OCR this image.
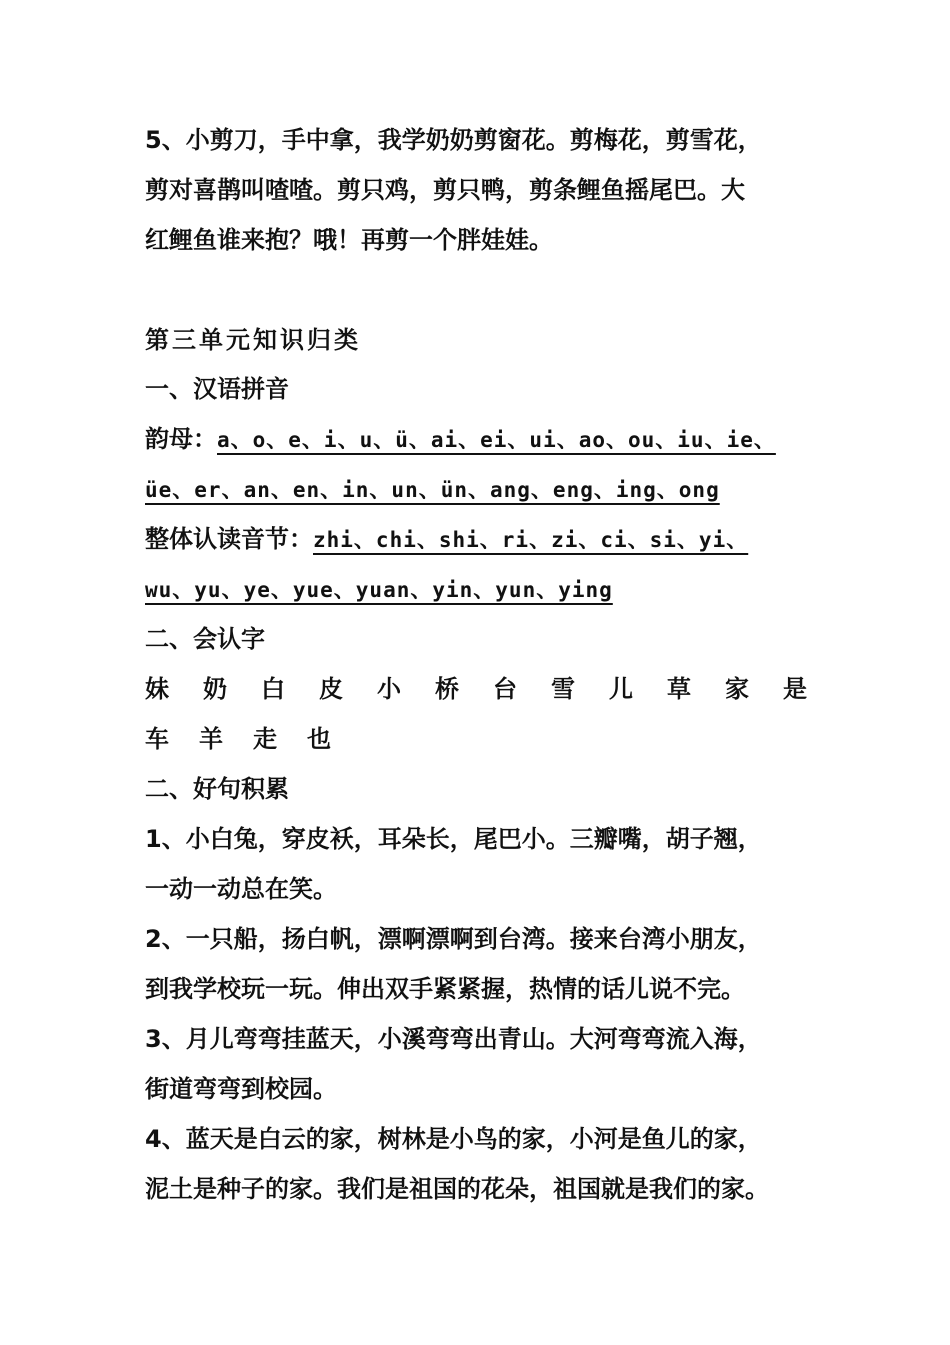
5、小剪刀，手中拿，我学奶奶剪窗花。剪梅花，剪雪花，
剪对喜鹊叫喳喳。剪只鸡，剪只鸭，剪条鲤鱼摇尾巴。大
红鲤鱼谁来抱？哦！再剪一个胖娃娃。
第三单元知识归类
一、汉语拼音
韵母：a、o、e、i、u、ü、ai、ei、ui、ao、ou、iu、ie、
üe、er、an、en、in、un、ün、ang、eng、ing、ong
整体认读音节：zhi、chi、shi、ri、zi、ci、si、yi、
wu、yu、ye、yue、yuan、yin、yun、ying
二、会认字
妹 奶 白 皮 小 桥 台 雪 儿 草 家 是
车 羊 走 也
二、好句积累
1、小白兔，穿皮袄，耳朵长，尾巴小。三瓣嘴，胡子翘，
一动一动总在笑。
2、一只船，扬白帆，漂啊漂啊到台湾。接来台湾小朋友，
到我学校玩一玩。伸出双手紧紧握，热情的话儿说不完。
3、月儿弯弯挂蓝天，小溪弯弯出青山。大河弯弯流入海，
街道弯弯到校园。
4、蓝天是白云的家，树林是小鸟的家，小河是鱼儿的家，
泥土是种子的家。我们是祖国的花朵，祖国就是我们的家。
